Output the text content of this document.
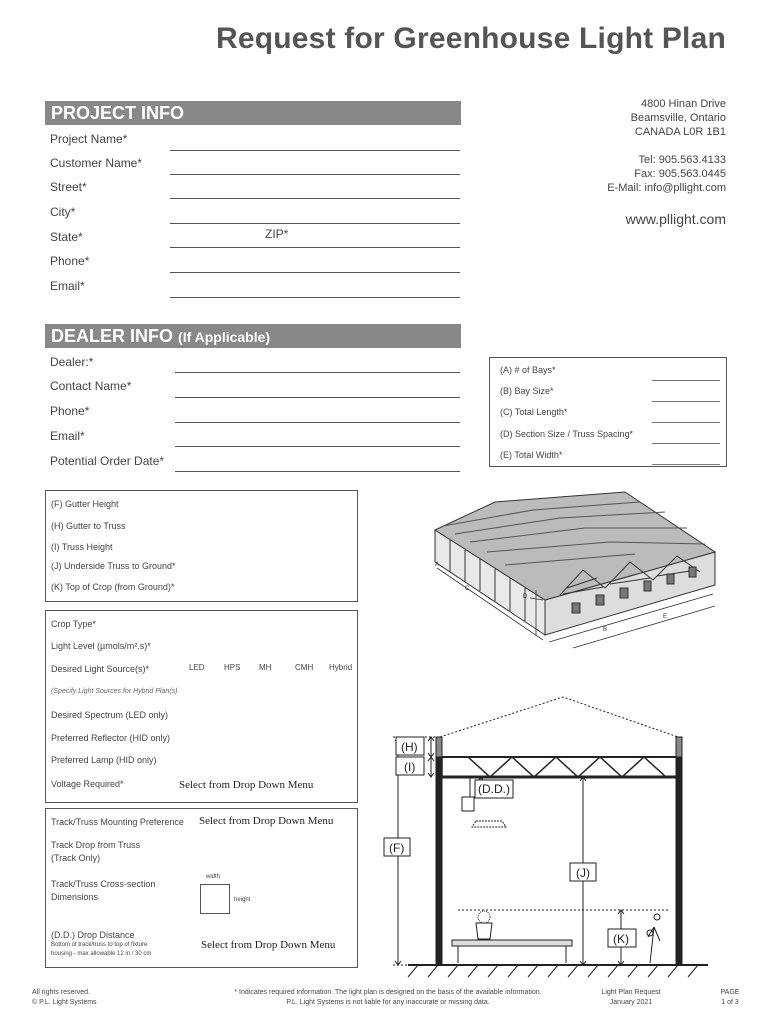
Request for Greenhouse Light Plan
PROJECT INFO
Project Name*
Customer Name*
Street*
City*
State*	ZIP*
Phone*
Email*
4800 Hinan Drive
Beamsville, Ontario
CANADA L0R 1B1
Tel: 905.563.4133
Fax: 905.563.0445
E-Mail: info@pllight.com
www.pllight.com
DEALER INFO (If Applicable)
Dealer:*
Contact Name*
Phone*
Email*
Potential Order Date*
(A) # of Bays*
(B) Bay Size*
(C) Total Length*
(D) Section Size / Truss Spacing*
(E) Total Width*
(F) Gutter Height
(H) Gutter to Truss
(I) Truss Height
(J) Underside Truss to Ground*
(K) Top of Crop (from Ground)*
A
B
C
D
E
Crop Type*
Light Level (µmols/m².s)*
Desired Light Source(s)*	LED HPS MH	CMH Hybrid
(Specify Light Sources for Hybrid Plan(s)
Desired Spectrum (LED only)
Preferred Reflector (HID only)
Preferred Lamp (HID only)
Voltage Required*	Select from Drop Down Menu
Track/Truss Mounting Preference Select from Drop Down Menu
Track Drop from Truss
(Track Only)
Track/Truss Cross-section
Dimensions
width
height
(D.D.) Drop Distance
Bottom of track/truss to top of fixture
housing - max allowable 12 in / 30 cm
Select from Drop Down Menu
(H)
(I)
(D.D.)
(F)
(J)
(K)
All rights reserved.
© P.L. Light Systems
* Indicates required information. The light plan is designed on the basis of the available information.
P.L. Light Systems is not liable for any inaccurate or missing data.
Light Plan Request
January 2021
PAGE
1 of 3
